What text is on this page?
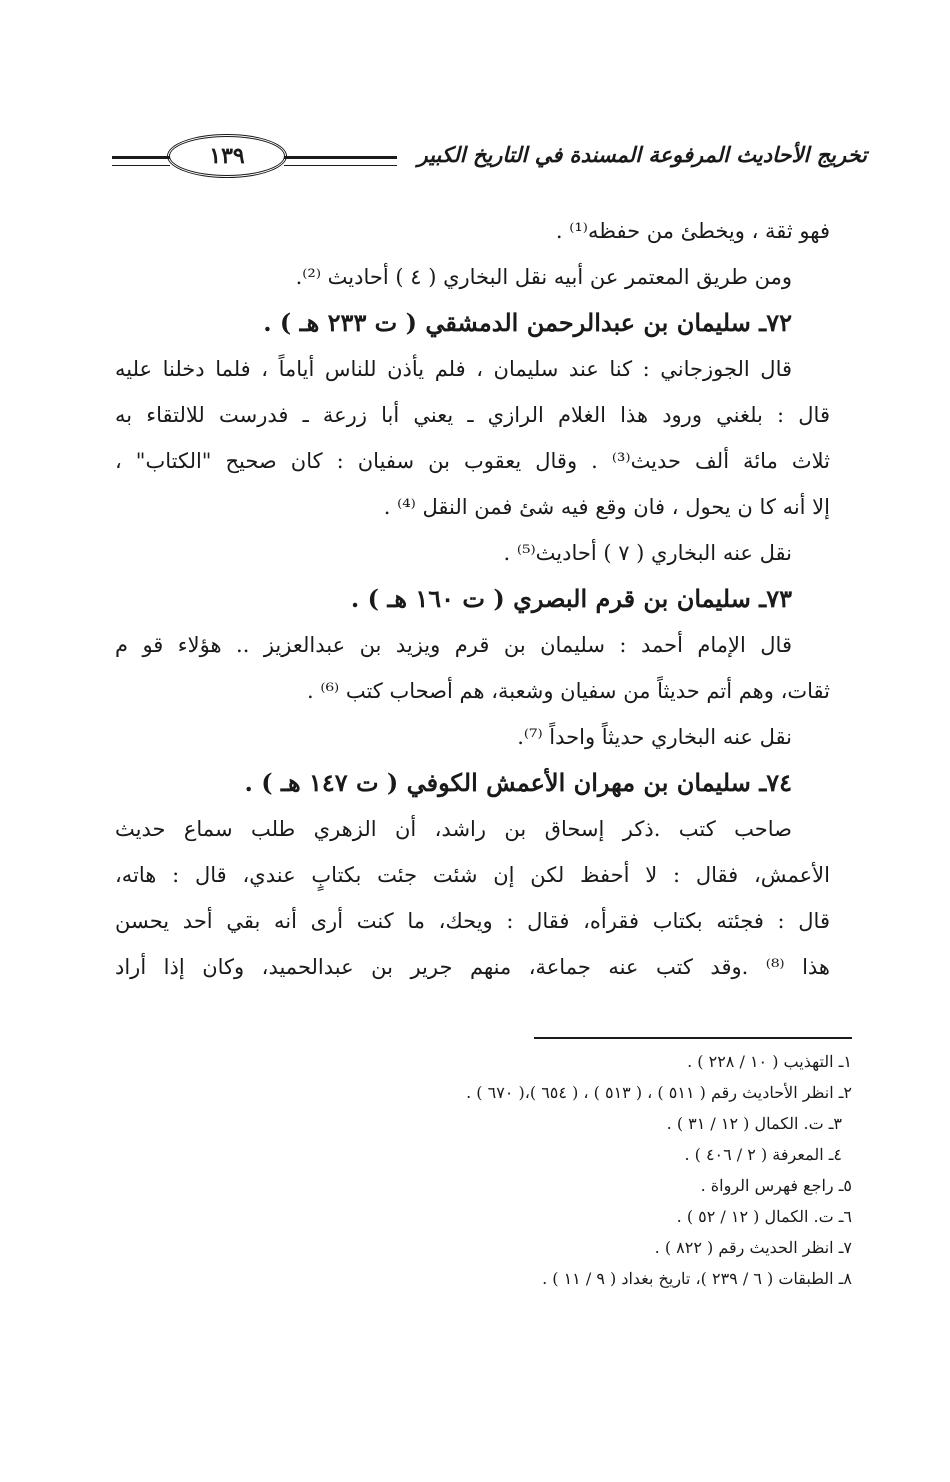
تخريج الأحاديث المرفوعة المسندة في التاريخ الكبير
١٣٩
فهو ثقة ، ويخطئ من حفظه⁽¹⁾ .
ومن طريق المعتمر عن أبيه نقل البخاري ( ٤ ) أحاديث ⁽²⁾.
٧٢ـ سليمان بن عبدالرحمن الدمشقي ( ت ٢٣٣ هـ ) .
قال الجوزجاني : كنا عند سليمان ، فلم يأذن للناس أياماً ، فلما دخلنا عليه
قال : بلغني ورود هذا الغلام الرازي ـ يعني أبا زرعة ـ فدرست للالتقاء به
ثلاث مائة ألف حديث⁽³⁾ . وقال يعقوب بن سفيان : كان صحيح "الكتاب" ،
إلا أنه كا ن يحول ، فان وقع فيه شئ فمن النقل ⁽⁴⁾ .
نقل عنه البخاري ( ٧ ) أحاديث⁽⁵⁾ .
٧٣ـ سليمان بن قرم البصري ( ت ١٦٠ هـ ) .
قال الإمام أحمد : سليمان بن قرم ويزيد بن عبدالعزيز .. هؤلاء قو م
ثقات، وهم أتم حديثاً من سفيان وشعبة، هم أصحاب كتب ⁽⁶⁾ .
نقل عنه البخاري حديثاً واحداً ⁽⁷⁾.
٧٤ـ سليمان بن مهران الأعمش الكوفي ( ت ١٤٧ هـ ) .
صاحب كتب .ذكر إسحاق بن راشد، أن الزهري طلب سماع حديث
الأعمش، فقال : لا أحفظ لكن إن شئت جئت بكتابٍ عندي، قال : هاته،
قال : فجئته بكتاب فقرأه، فقال : ويحك، ما كنت أرى أنه بقي أحد يحسن
هذا ⁽⁸⁾ .وقد كتب عنه جماعة، منهم جرير بن عبدالحميد، وكان إذا أراد
١ـ التهذيب ( ١٠ / ٢٢٨ ) .
٢ـ انظر الأحاديث رقم ( ٥١١ ) ، ( ٥١٣ ) ، ( ٦٥٤ )،( ٦٧٠ ) .
٣ـ ت. الكمال ( ١٢ / ٣١ ) .
٤ـ المعرفة ( ٢ / ٤٠٦ ) .
٥ـ راجع فهرس الرواة .
٦ـ ت. الكمال ( ١٢ / ٥٢ ) .
٧ـ انظر الحديث رقم ( ٨٢٢ ) .
٨ـ الطبقات ( ٦ / ٢٣٩ )، تاريخ بغداد ( ٩ / ١١ ) .
